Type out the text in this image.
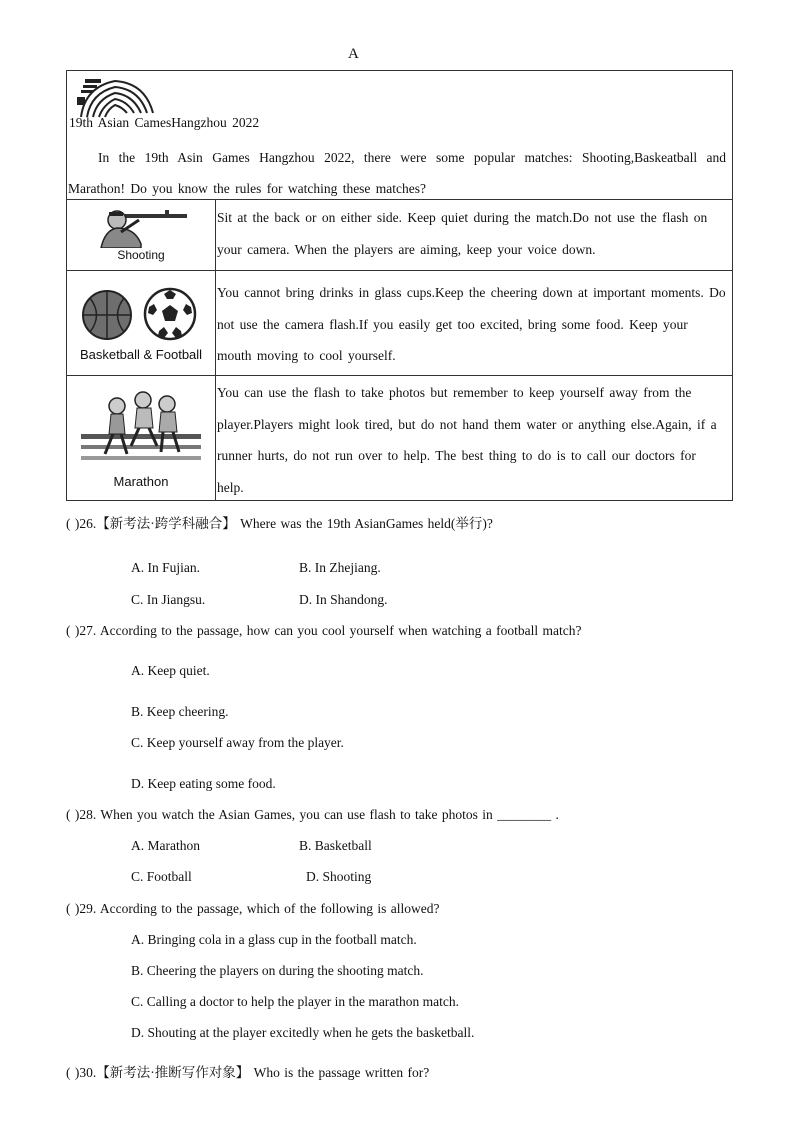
A
19th Asian CamesHangzhou 2022
In the 19th Asin Games Hangzhou 2022, there were some popular matches: Shooting,Baskeatball and Marathon! Do you know the rules for watching these matches?	

Shooting	Sit at the back or on either side. Keep quiet during the match.Do not use the flash on your camera. When the players are aiming, keep your voice down.

Basketball & Football	You cannot bring drinks in glass cups.Keep the cheering down at important moments. Do not use the camera flash.If you easily get too excited, bring some food. Keep your mouth moving to cool yourself.

Marathon	You can use the flash to take photos but remember to keep yourself away from the player.Players might look tired, but do not hand them water or anything else.Again, if a runner hurts, do not run over to help. The best thing to do is to call our doctors for help.
( )26.【新考法·跨学科融合】 Where was the 19th AsianGames held(举行)?
A. In Fujian.	B. In Zhejiang.
C. In Jiangsu.	D. In Shandong.
( )27. According to the passage, how can you cool yourself when watching a football match?
A. Keep quiet.
B. Keep cheering.
C. Keep yourself away from the player.
D. Keep eating some food.
( )28. When you watch the Asian Games, you can use flash to take photos in ________ .
A. Marathon	B. Basketball
C. Football	D. Shooting
( )29. According to the passage, which of the following is allowed?
A. Bringing cola in a glass cup in the football match.
B. Cheering the players on during the shooting match.
C. Calling a doctor to help the player in the marathon match.
D. Shouting at the player excitedly when he gets the basketball.
( )30.【新考法·推断写作对象】 Who is the passage written for?
